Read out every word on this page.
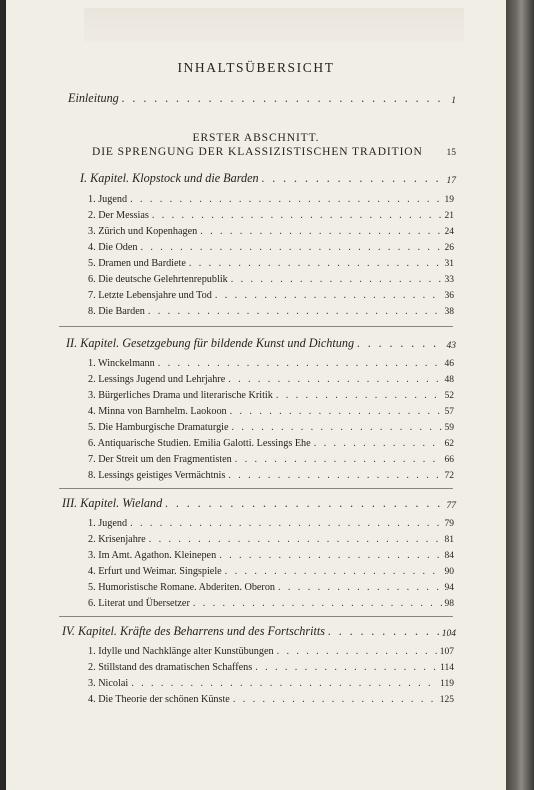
INHALTSÜBERSICHT
Einleitung . . .	1
ERSTER ABSCHNITT.
DIE SPRENGUNG DER KLASSIZISTISCHEN TRADITION	15
I. Kapitel. Klopstock und die Barden . . .	17
1. Jugend . . .	19
2. Der Messias . . .	21
3. Zürich und Kopenhagen . . .	24
4. Die Oden . . .	26
5. Dramen und Bardiete . . .	31
6. Die deutsche Gelehrtenrepublik . . .	33
7. Letzte Lebensjahre und Tod . . .	36
8. Die Barden . . .	38
II. Kapitel. Gesetzgebung für bildende Kunst und Dichtung . . .	43
1. Winckelmann . . .	46
2. Lessings Jugend und Lehrjahre . . .	48
3. Bürgerliches Drama und literarische Kritik . . .	52
4. Minna von Barnhelm. Laokoon . . .	57
5. Die Hamburgische Dramaturgie . . .	59
6. Antiquarische Studien. Emilia Galotti. Lessings Ehe . . .	62
7. Der Streit um den Fragmentisten . . .	66
8. Lessings geistiges Vermächtnis . . .	72
III. Kapitel. Wieland . . .	77
1. Jugend . . .	79
2. Krisenjahre . . .	81
3. Im Amt. Agathon. Kleinepen . . .	84
4. Erfurt und Weimar. Singspiele . . .	90
5. Humoristische Romane. Abderiten. Oberon . . .	94
6. Literat und Übersetzer . . .	98
IV. Kapitel. Kräfte des Beharrens und des Fortschritts . . .	104
1. Idylle und Nachklänge alter Kunstübungen . . .	107
2. Stillstand des dramatischen Schaffens . . .	114
3. Nicolai . . .	119
4. Die Theorie der schönen Künste . . .	125
